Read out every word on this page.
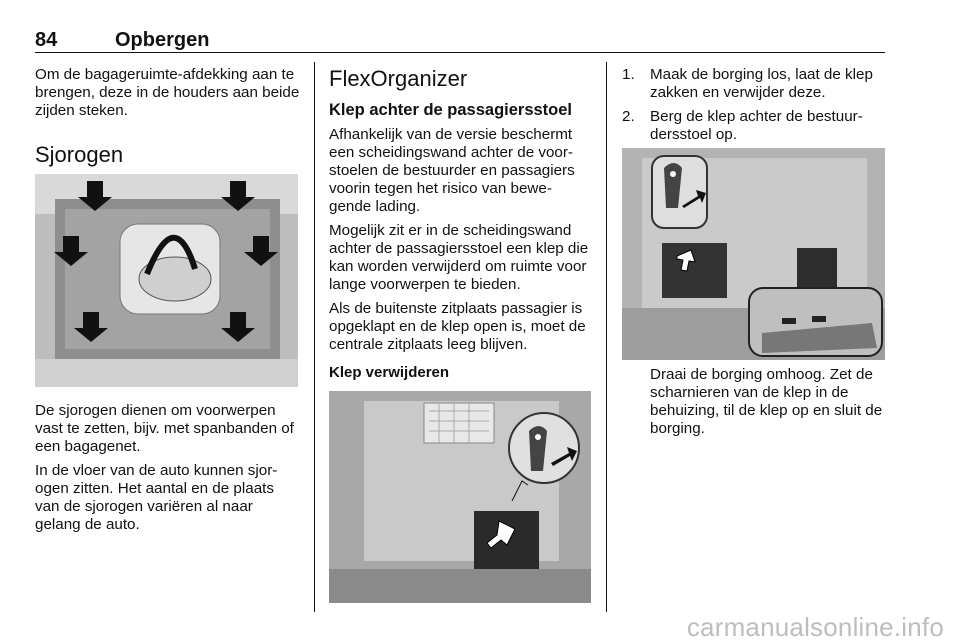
84	Opbergen

Om de bagageruimte-afdekking aan te brengen, deze in de houders aan beide zijden steken.

Sjorogen

De sjorogen dienen om voorwerpen vast te zetten, bijv. met spanbanden of een bagagenet.

In de vloer van de auto kunnen sjor-ogen zitten. Het aantal en de plaats van de sjorogen variëren al naar gelang de auto.

FlexOrganizer
Klep achter de passagiersstoel

Afhankelijk van de versie beschermt een scheidingswand achter de voor-stoelen de bestuurder en passagiers voorin tegen het risico van bewe-gende lading.

Mogelijk zit er in de scheidingswand achter de passagiersstoel een klep die kan worden verwijderd om ruimte voor lange voorwerpen te bieden.

Als de buitenste zitplaats passagier is opgeklapt en de klep open is, moet de centrale zitplaats leeg blijven.

Klep verwijderen

1. Maak de borging los, laat de klep zakken en verwijder deze.
2. Berg de klep achter de bestuur-dersstoel op.

Draai de borging omhoog. Zet de scharnieren van de klep in de behuizing, til de klep op en sluit de borging.

carmanualsonline.info
